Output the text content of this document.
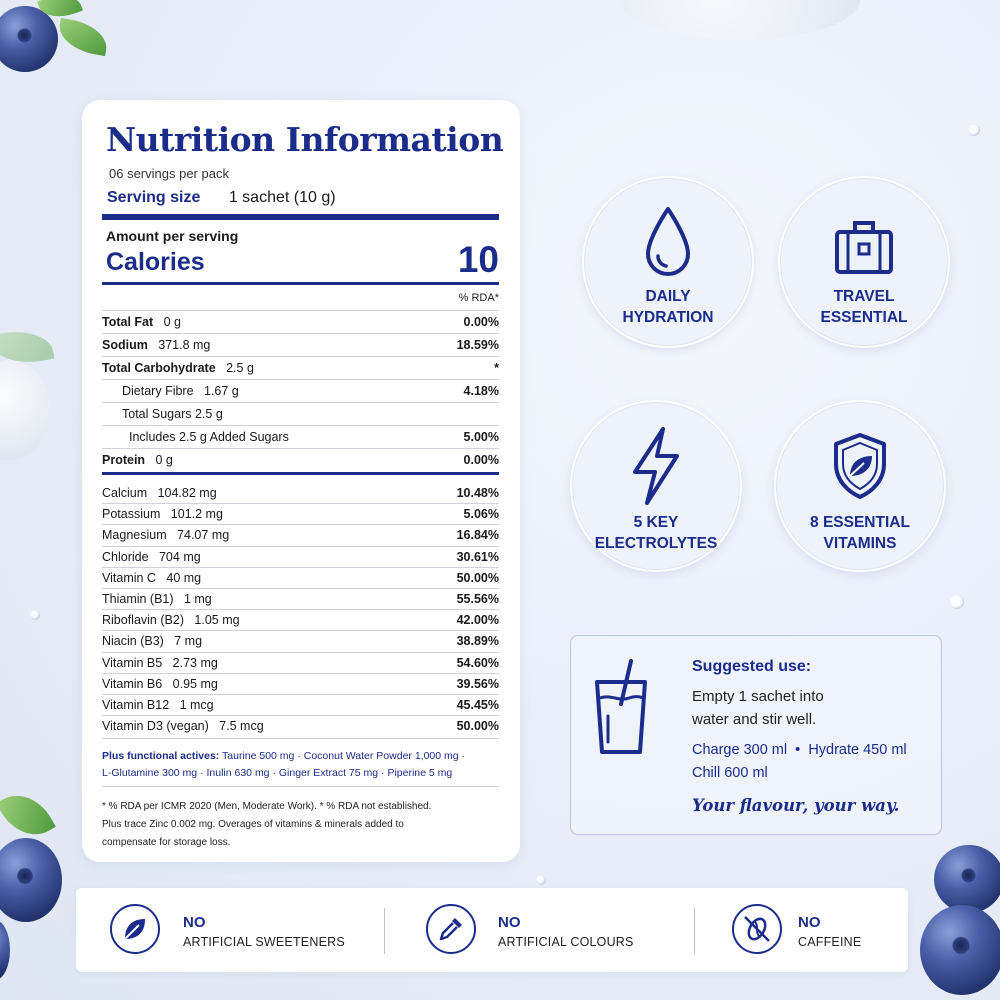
Nutrition Information
06 servings per pack
Serving size 1 sachet (10 g)
Amount per serving
Calories	10
% RDA*
Total Fat 0 g	0.00%
Sodium 371.8 mg	18.59%
Total Carbohydrate 2.5 g	*
Dietary Fibre 1.67 g	4.18%
Total Sugars 2.5 g
Includes 2.5 g Added Sugars	5.00%
Protein 0 g	0.00%
Calcium 104.82 mg	10.48%
Potassium 101.2 mg	5.06%
Magnesium 74.07 mg	16.84%
Chloride 704 mg	30.61%
Vitamin C 40 mg	50.00%
Thiamin (B1) 1 mg	55.56%
Riboflavin (B2) 1.05 mg	42.00%
Niacin (B3) 7 mg	38.89%
Vitamin B5 2.73 mg	54.60%
Vitamin B6 0.95 mg	39.56%
Vitamin B12 1 mcg	45.45%
Vitamin D3 (vegan) 7.5 mcg	50.00%
Plus functional actives: Taurine 500 mg · Coconut Water Powder 1,000 mg ·
L-Glutamine 300 mg · Inulin 630 mg · Ginger Extract 75 mg · Piperine 5 mg
* % RDA per ICMR 2020 (Men, Moderate Work). * % RDA not established.
Plus trace Zinc 0.002 mg. Overages of vitamins & minerals added to
compensate for storage loss.
DAILY
HYDRATION
TRAVEL
ESSENTIAL
5 KEY
ELECTROLYTES
8 ESSENTIAL
VITAMINS
Suggested use:
Empty 1 sachet into
water and stir well.
Charge 300 ml  •  Hydrate 450 ml
Chill 600 ml
Your flavour, your way.
NO
ARTIFICIAL SWEETENERS
NO
ARTIFICIAL COLOURS
NO
CAFFEINE
